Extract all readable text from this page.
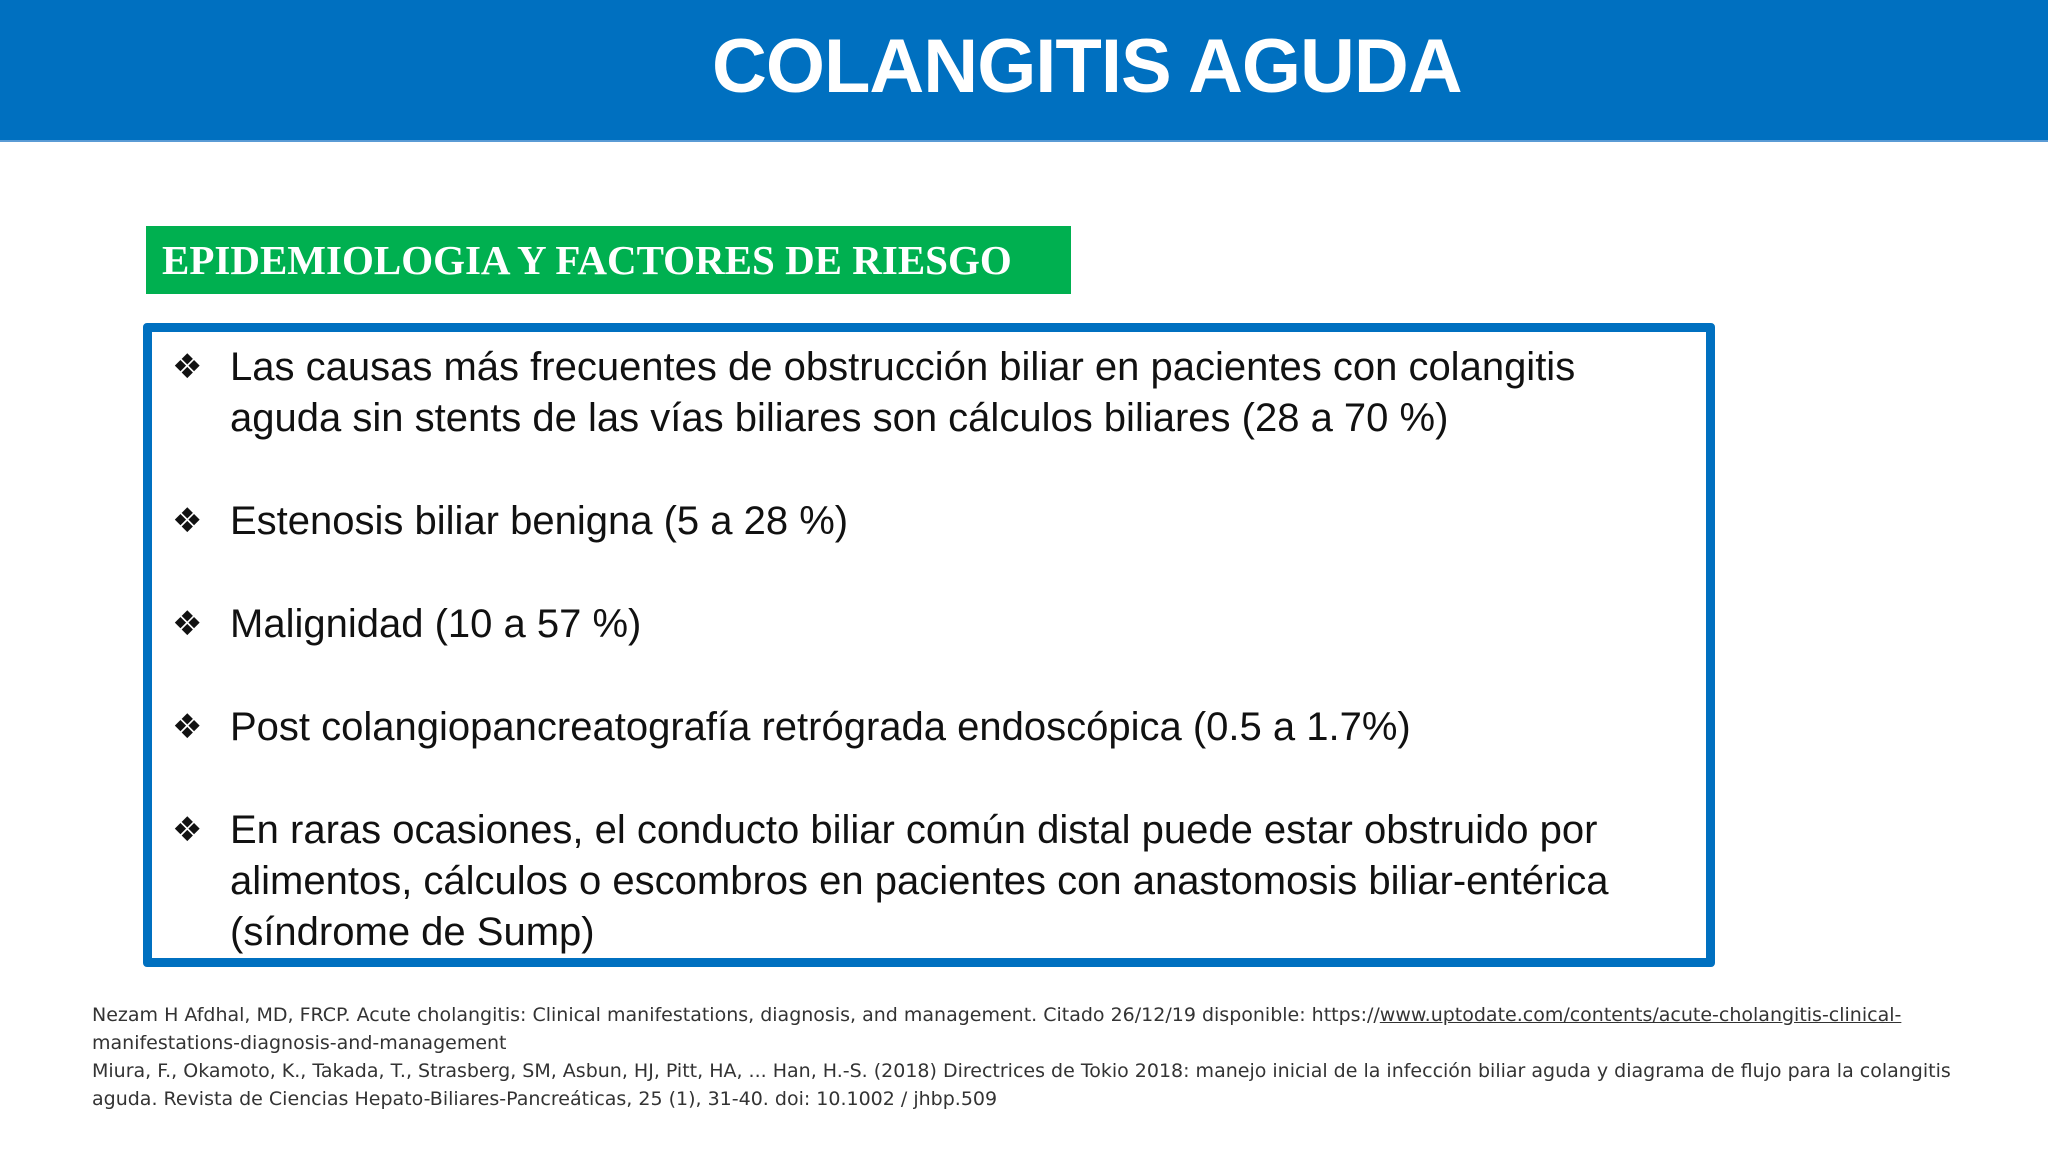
COLANGITIS AGUDA
EPIDEMIOLOGIA Y FACTORES DE RIESGO
❖ Las causas más frecuentes de obstrucción biliar en pacientes con colangitis aguda sin stents de las vías biliares son cálculos biliares (28 a 70 %)
❖ Estenosis biliar benigna (5 a 28 %)
❖ Malignidad (10 a 57 %)
❖ Post colangiopancreatografía retrógrada endoscópica (0.5 a 1.7%)
❖ En raras ocasiones, el conducto biliar común distal puede estar obstruido por alimentos, cálculos o escombros en pacientes con anastomosis biliar-entérica (síndrome de Sump)
Nezam H Afdhal, MD, FRCP. Acute cholangitis: Clinical manifestations, diagnosis, and management. Citado 26/12/19 disponible: https://www.uptodate.com/contents/acute-cholangitis-clinical-
manifestations-diagnosis-and-management
Miura, F., Okamoto, K., Takada, T., Strasberg, SM, Asbun, HJ, Pitt, HA, ... Han, H.-S. (2018) Directrices de Tokio 2018: manejo inicial de la infección biliar aguda y diagrama de flujo para la colangitis aguda. Revista de Ciencias Hepato-Biliares-Pancreáticas, 25 (1), 31-40. doi: 10.1002 / jhbp.509
